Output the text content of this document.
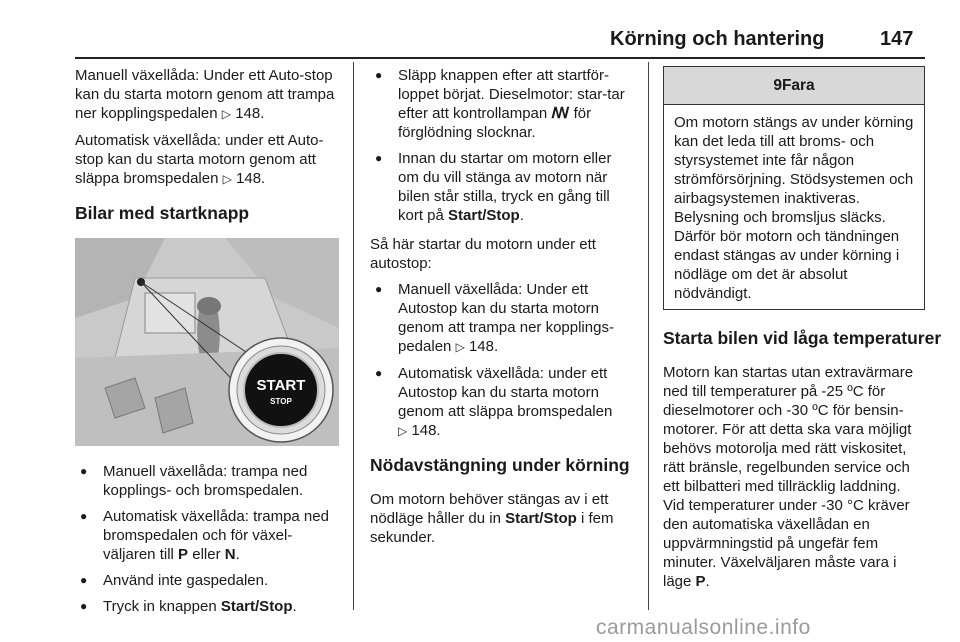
Körning och hantering	147

Manuell växellåda: Under ett Auto‐stop kan du starta motorn genom att trampa ner kopplingspedalen ▷ 148.

Automatisk växellåda: under ett Auto‐stop kan du starta motorn genom att släppa bromspedalen ▷ 148.

Bilar med startknapp
START
STOP
● Manuell växellåda: trampa ned kopplings- och bromspedalen.
● Automatisk växellåda: trampa ned bromspedalen och för växel‐väljaren till P eller N.
● Använd inte gaspedalen.
● Tryck in knappen Start/Stop.
● Släpp knappen efter att startför‐loppet börjat. Dieselmotor: star‐tar efter att kontrollampan ꟿ för förglödning slocknar.
● Innan du startar om motorn eller om du vill stänga av motorn när bilen står stilla, tryck en gång till kort på Start/Stop.

Så här startar du motorn under ett autostop:

● Manuell växellåda: Under ett Autostop kan du starta motorn genom att trampa ner kopplings‐pedalen ▷ 148.
● Automatisk växellåda: under ett Autostop kan du starta motorn genom att släppa bromspedalen
▷ 148.
Nödavstängning under körning

Om motorn behöver stängas av i ett nödläge håller du in Start/Stop i fem sekunder.

9Fara
Om motorn stängs av under körning kan det leda till att broms‐ och styrsystemet inte får någon strömförsörjning. Stödsystemen och airbagsystemen inaktiveras. Belysning och bromsljus släcks. Därför bör motorn och tändningen endast stängas av under körning i nödläge om det är absolut nödvändigt.
Starta bilen vid låga temperaturer

Motorn kan startas utan extravärmare ned till temperaturer på -25 ºC för dieselmotorer och -30 ºC för bensin‐motorer. För att detta ska vara möjligt behövs motorolja med rätt viskositet, rätt bränsle, regelbunden service och ett bilbatteri med tillräcklig laddning. Vid temperaturer under -30 °C kräver den automatiska växellådan en uppvärmningstid på ungefär fem minuter. Växelväljaren måste vara i läge P.

carmanualsonline.info
